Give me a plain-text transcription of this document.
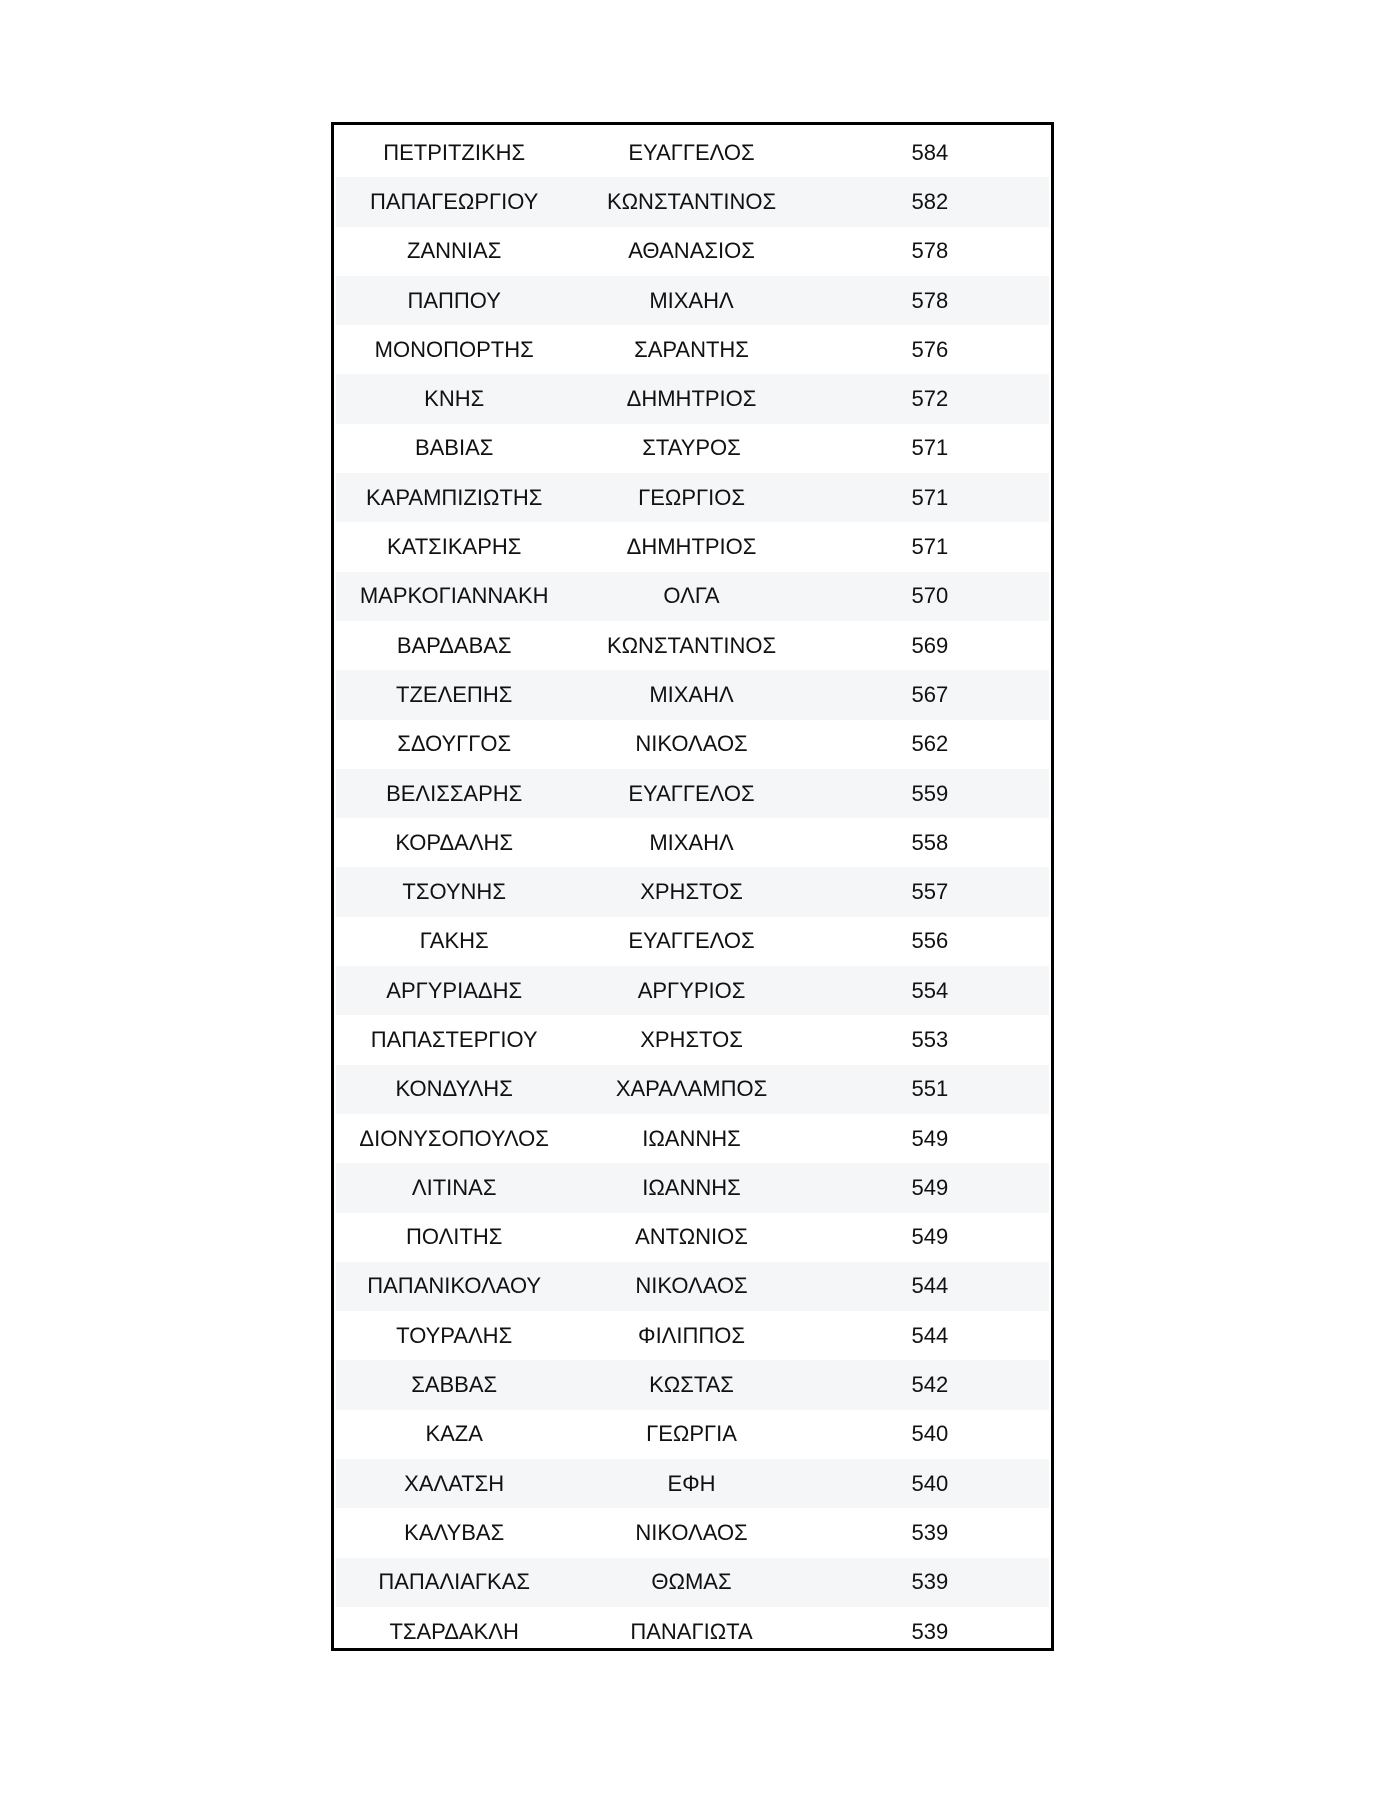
ΠΕΤΡΙΤΖΙΚΗΣ	ΕΥΑΓΓΕΛΟΣ	584
ΠΑΠΑΓΕΩΡΓΙΟΥ	ΚΩΝΣΤΑΝΤΙΝΟΣ	582
ΖΑΝΝΙΑΣ	ΑΘΑΝΑΣΙΟΣ	578
ΠΑΠΠΟΥ	ΜΙΧΑΗΛ	578
ΜΟΝΟΠΟΡΤΗΣ	ΣΑΡΑΝΤΗΣ	576
ΚΝΗΣ	ΔΗΜΗΤΡΙΟΣ	572
ΒΑΒΙΑΣ	ΣΤΑΥΡΟΣ	571
ΚΑΡΑΜΠΙΖΙΩΤΗΣ	ΓΕΩΡΓΙΟΣ	571
ΚΑΤΣΙΚΑΡΗΣ	ΔΗΜΗΤΡΙΟΣ	571
ΜΑΡΚΟΓΙΑΝΝΑΚΗ	ΟΛΓΑ	570
ΒΑΡΔΑΒΑΣ	ΚΩΝΣΤΑΝΤΙΝΟΣ	569
ΤΖΕΛΕΠΗΣ	ΜΙΧΑΗΛ	567
ΣΔΟΥΓΓΟΣ	ΝΙΚΟΛΑΟΣ	562
ΒΕΛΙΣΣΑΡΗΣ	ΕΥΑΓΓΕΛΟΣ	559
ΚΟΡΔΑΛΗΣ	ΜΙΧΑΗΛ	558
ΤΣΟΥΝΗΣ	ΧΡΗΣΤΟΣ	557
ΓΑΚΗΣ	ΕΥΑΓΓΕΛΟΣ	556
ΑΡΓΥΡΙΑΔΗΣ	ΑΡΓΥΡΙΟΣ	554
ΠΑΠΑΣΤΕΡΓΙΟΥ	ΧΡΗΣΤΟΣ	553
ΚΟΝΔΥΛΗΣ	ΧΑΡΑΛΑΜΠΟΣ	551
ΔΙΟΝΥΣΟΠΟΥΛΟΣ	ΙΩΑΝΝΗΣ	549
ΛΙΤΙΝΑΣ	ΙΩΑΝΝΗΣ	549
ΠΟΛΙΤΗΣ	ΑΝΤΩΝΙΟΣ	549
ΠΑΠΑΝΙΚΟΛΑΟΥ	ΝΙΚΟΛΑΟΣ	544
ΤΟΥΡΑΛΗΣ	ΦΙΛΙΠΠΟΣ	544
ΣΑΒΒΑΣ	ΚΩΣΤΑΣ	542
ΚΑΖΑ	ΓΕΩΡΓΙΑ	540
ΧΑΛΑΤΣΗ	ΕΦΗ	540
ΚΑΛΥΒΑΣ	ΝΙΚΟΛΑΟΣ	539
ΠΑΠΑΛΙΑΓΚΑΣ	ΘΩΜΑΣ	539
ΤΣΑΡΔΑΚΛΗ	ΠΑΝΑΓΙΩΤΑ	539
